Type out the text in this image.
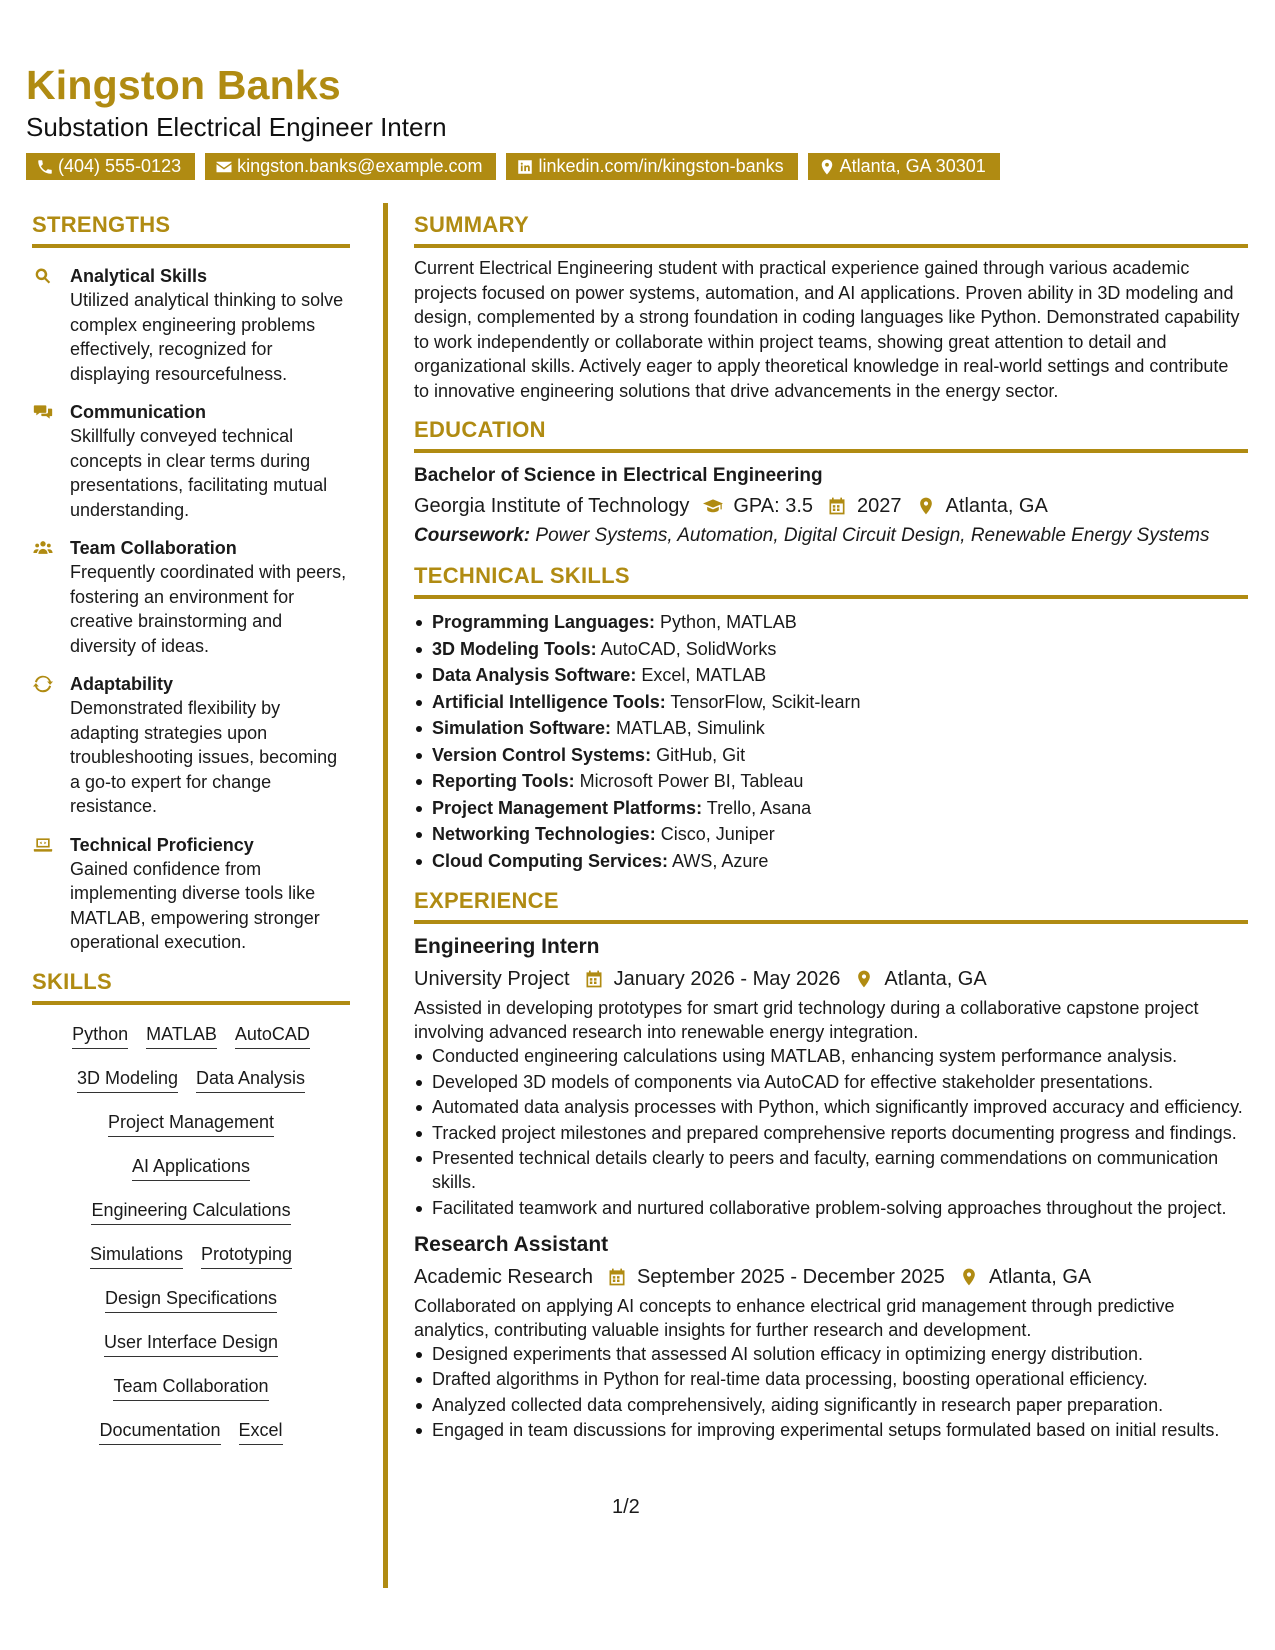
Kingston Banks
Substation Electrical Engineer Intern
(404) 555-0123	kingston.banks@example.com	linkedin.com/in/kingston-banks	Atlanta, GA 30301
STRENGTHS
Analytical Skills
Utilized analytical thinking to solve complex engineering problems effectively, recognized for displaying resourcefulness.
Communication
Skillfully conveyed technical concepts in clear terms during presentations, facilitating mutual understanding.
Team Collaboration
Frequently coordinated with peers, fostering an environment for creative brainstorming and diversity of ideas.
Adaptability
Demonstrated flexibility by adapting strategies upon troubleshooting issues, becoming a go-to expert for change resistance.
Technical Proficiency
Gained confidence from implementing diverse tools like MATLAB, empowering stronger operational execution.
SKILLS
Python MATLAB AutoCAD
3D Modeling Data Analysis
Project Management
AI Applications
Engineering Calculations
Simulations Prototyping
Design Specifications
User Interface Design
Team Collaboration
Documentation Excel
SUMMARY
Current Electrical Engineering student with practical experience gained through various academic projects focused on power systems, automation, and AI applications. Proven ability in 3D modeling and design, complemented by a strong foundation in coding languages like Python. Demonstrated capability to work independently or collaborate within project teams, showing great attention to detail and organizational skills. Actively eager to apply theoretical knowledge in real-world settings and contribute to innovative engineering solutions that drive advancements in the energy sector.
EDUCATION
Bachelor of Science in Electrical Engineering
Georgia Institute of Technology GPA: 3.5 2027 Atlanta, GA
Coursework: Power Systems, Automation, Digital Circuit Design, Renewable Energy Systems
TECHNICAL SKILLS
Programming Languages: Python, MATLAB
3D Modeling Tools: AutoCAD, SolidWorks
Data Analysis Software: Excel, MATLAB
Artificial Intelligence Tools: TensorFlow, Scikit-learn
Simulation Software: MATLAB, Simulink
Version Control Systems: GitHub, Git
Reporting Tools: Microsoft Power BI, Tableau
Project Management Platforms: Trello, Asana
Networking Technologies: Cisco, Juniper
Cloud Computing Services: AWS, Azure
EXPERIENCE
Engineering Intern
University Project January 2026 - May 2026 Atlanta, GA
Assisted in developing prototypes for smart grid technology during a collaborative capstone project involving advanced research into renewable energy integration.
Conducted engineering calculations using MATLAB, enhancing system performance analysis.
Developed 3D models of components via AutoCAD for effective stakeholder presentations.
Automated data analysis processes with Python, which significantly improved accuracy and efficiency.
Tracked project milestones and prepared comprehensive reports documenting progress and findings.
Presented technical details clearly to peers and faculty, earning commendations on communication skills.
Facilitated teamwork and nurtured collaborative problem-solving approaches throughout the project.
Research Assistant
Academic Research September 2025 - December 2025 Atlanta, GA
Collaborated on applying AI concepts to enhance electrical grid management through predictive analytics, contributing valuable insights for further research and development.
Designed experiments that assessed AI solution efficacy in optimizing energy distribution.
Drafted algorithms in Python for real-time data processing, boosting operational efficiency.
Analyzed collected data comprehensively, aiding significantly in research paper preparation.
Engaged in team discussions for improving experimental setups formulated based on initial results.
1/2
